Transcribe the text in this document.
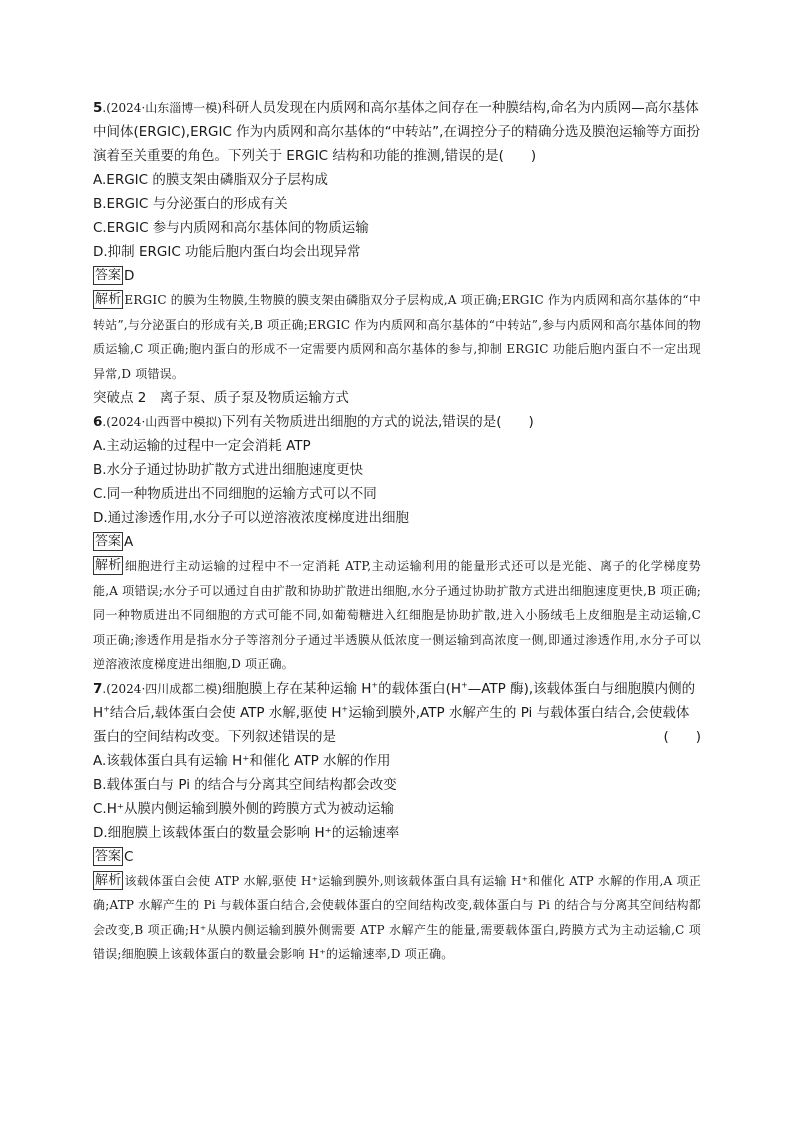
5.(2024·山东淄博一模)科研人员发现在内质网和高尔基体之间存在一种膜结构,命名为内质网—高尔基体中间体(ERGIC),ERGIC 作为内质网和高尔基体的“中转站”,在调控分子的精确分选及膜泡运输等方面扮演着至关重要的角色。下列关于 ERGIC 结构和功能的推测,错误的是(　　)

A.ERGIC 的膜支架由磷脂双分子层构成

B.ERGIC 与分泌蛋白的形成有关

C.ERGIC 参与内质网和高尔基体间的物质运输

D.抑制 ERGIC 功能后胞内蛋白均会出现异常

答案 D

解析 ERGIC 的膜为生物膜,生物膜的膜支架由磷脂双分子层构成,A 项正确;ERGIC 作为内质网和高尔基体的“中转站”,与分泌蛋白的形成有关,B 项正确;ERGIC 作为内质网和高尔基体的“中转站”,参与内质网和高尔基体间的物质运输,C 项正确;胞内蛋白的形成不一定需要内质网和高尔基体的参与,抑制 ERGIC 功能后胞内蛋白不一定出现异常,D 项错误。

突破点 2　离子泵、质子泵及物质运输方式

6.(2024·山西晋中模拟)下列有关物质进出细胞的方式的说法,错误的是(　　)

A.主动运输的过程中一定会消耗 ATP

B.水分子通过协助扩散方式进出细胞速度更快

C.同一种物质进出不同细胞的运输方式可以不同

D.通过渗透作用,水分子可以逆溶液浓度梯度进出细胞

答案 A

解析 细胞进行主动运输的过程中不一定消耗 ATP,主动运输利用的能量形式还可以是光能、离子的化学梯度势能,A 项错误;水分子可以通过自由扩散和协助扩散进出细胞,水分子通过协助扩散方式进出细胞速度更快,B 项正确;同一种物质进出不同细胞的方式可能不同,如葡萄糖进入红细胞是协助扩散,进入小肠绒毛上皮细胞是主动运输,C 项正确;渗透作用是指水分子等溶剂分子通过半透膜从低浓度一侧运输到高浓度一侧,即通过渗透作用,水分子可以逆溶液浓度梯度进出细胞,D 项正确。

7.(2024·四川成都二模)细胞膜上存在某种运输 H+的载体蛋白(H+—ATP 酶),该载体蛋白与细胞膜内侧的 H+结合后,载体蛋白会使 ATP 水解,驱使 H+运输到膜外,ATP 水解产生的 Pi 与载体蛋白结合,会使载体蛋白的空间结构改变。下列叙述错误的是	(　　)

A.该载体蛋白具有运输 H⁺和催化 ATP 水解的作用

B.载体蛋白与 Pi 的结合与分离其空间结构都会改变

C.H⁺从膜内侧运输到膜外侧的跨膜方式为被动运输

D.细胞膜上该载体蛋白的数量会影响 H⁺的运输速率

答案 C

解析 该载体蛋白会使 ATP 水解,驱使 H⁺运输到膜外,则该载体蛋白具有运输 H⁺和催化 ATP 水解的作用,A 项正确;ATP 水解产生的 Pi 与载体蛋白结合,会使载体蛋白的空间结构改变,载体蛋白与 Pi 的结合与分离其空间结构都会改变,B 项正确;H⁺从膜内侧运输到膜外侧需要 ATP 水解产生的能量,需要载体蛋白,跨膜方式为主动运输,C 项错误;细胞膜上该载体蛋白的数量会影响 H⁺的运输速率,D 项正确。
